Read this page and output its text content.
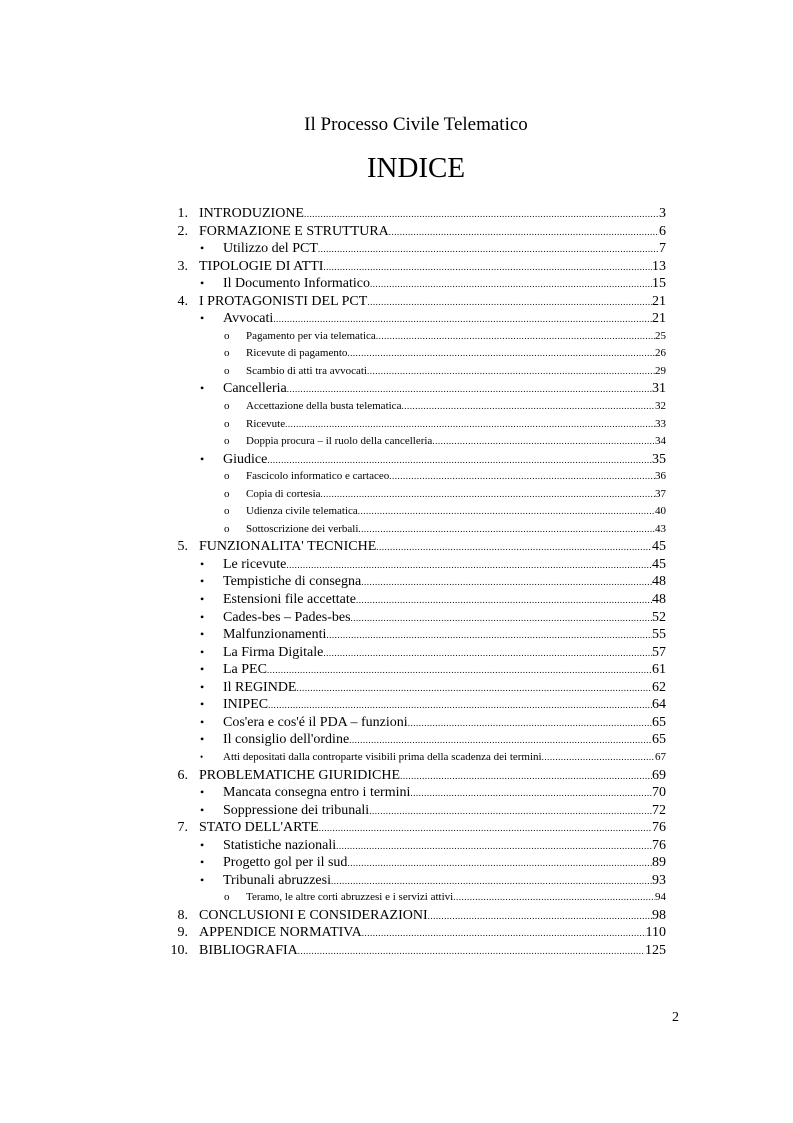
Il Processo Civile Telematico
INDICE
1. INTRODUZIONE .....	3
2. FORMAZIONE E STRUTTURA .....	6
•	Utilizzo del PCT .....	7
3. TIPOLOGIE DI ATTI .....	13
•	Il Documento Informatico .....	15
4. I PROTAGONISTI DEL PCT .....	21
•	Avvocati .....	21
o	Pagamento per via telematica .....	25
o	Ricevute di pagamento .....	26
o	Scambio di atti tra avvocati .....	29
•	Cancelleria .....	31
o	Accettazione della busta telematica .....	32
o	Ricevute .....	33
o	Doppia procura – il ruolo della cancelleria .....	34
•	Giudice .....	35
o	Fascicolo informatico e cartaceo .....	36
o	Copia di cortesia .....	37
o	Udienza civile telematica .....	40
o	Sottoscrizione dei verbali .....	43
5. FUNZIONALITA' TECNICHE .....	45
•	Le ricevute .....	45
•	Tempistiche di consegna .....	48
•	Estensioni file accettate .....	48
•	Cades-bes – Pades-bes .....	52
•	Malfunzionamenti .....	55
•	La Firma Digitale .....	57
•	La PEC .....	61
•	Il REGINDE .....	62
•	INIPEC .....	64
•	Cos'era e cos'é il PDA – funzioni .....	65
•	Il consiglio dell'ordine .....	65
•	Atti depositati dalla controparte visibili prima della scadenza dei termini .....	67
6. PROBLEMATICHE GIURIDICHE .....	69
•	Mancata consegna entro i termini .....	70
•	Soppressione dei tribunali .....	72
7. STATO DELL'ARTE .....	76
•	Statistiche nazionali .....	76
•	Progetto gol per il sud .....	89
•	Tribunali abruzzesi .....	93
o	Teramo, le altre corti abruzzesi e i servizi attivi .....	94
8. CONCLUSIONI E CONSIDERAZIONI .....	98
9. APPENDICE NORMATIVA .....	110
10. BIBLIOGRAFIA .....	125
2
